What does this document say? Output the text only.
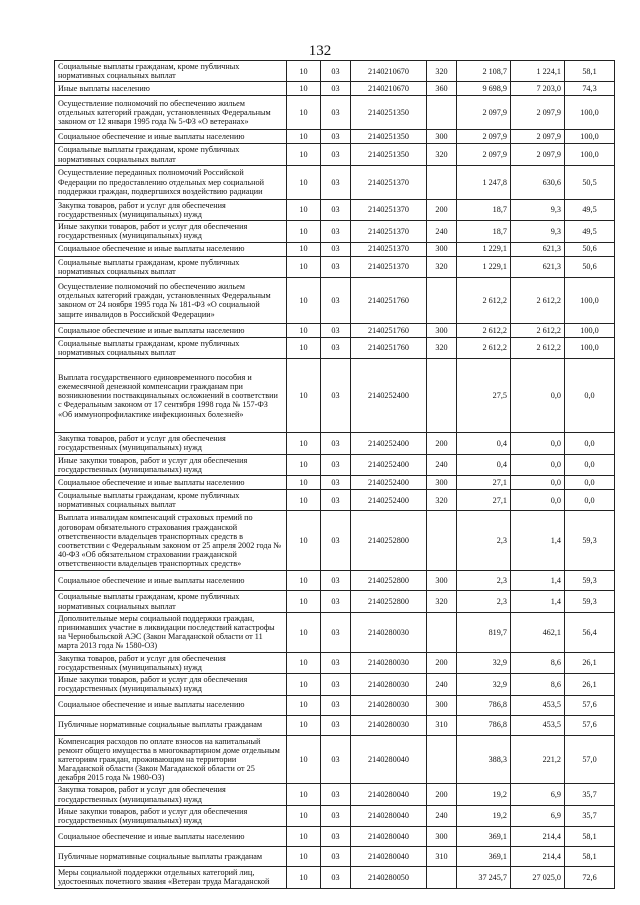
132
Социальные выплаты гражданам, кроме публичных нормативных социальных выплат	10	03	2140210670	320	2 108,7	1 224,1	58,1
Иные выплаты населению	10	03	2140210670	360	9 698,9	7 203,0	74,3
Осуществление полномочий по обеспечению жильем отдельных категорий граждан, установленных Федеральным законом от 12 января 1995 года № 5-ФЗ «О ветеранах»	10	03	2140251350		2 097,9	2 097,9	100,0
Социальное обеспечение и иные выплаты населению	10	03	2140251350	300	2 097,9	2 097,9	100,0
Социальные выплаты гражданам, кроме публичных нормативных социальных выплат	10	03	2140251350	320	2 097,9	2 097,9	100,0
Осуществление переданных полномочий Российской Федерации по предоставлению отдельных мер социальной поддержки граждан, подвергшихся воздействию радиации	10	03	2140251370		1 247,8	630,6	50,5
Закупка товаров, работ и услуг для обеспечения государственных (муниципальных) нужд	10	03	2140251370	200	18,7	9,3	49,5
Иные закупки товаров, работ и услуг для обеспечения государственных (муниципальных) нужд	10	03	2140251370	240	18,7	9,3	49,5
Социальное обеспечение и иные выплаты населению	10	03	2140251370	300	1 229,1	621,3	50,6
Социальные выплаты гражданам, кроме публичных нормативных социальных выплат	10	03	2140251370	320	1 229,1	621,3	50,6
Осуществление полномочий по обеспечению жильем отдельных категорий граждан, установленных Федеральным законом от 24 ноября 1995 года № 181-ФЗ «О социальной защите инвалидов в Российской Федерации»	10	03	2140251760		2 612,2	2 612,2	100,0
Социальное обеспечение и иные выплаты населению	10	03	2140251760	300	2 612,2	2 612,2	100,0
Социальные выплаты гражданам, кроме публичных нормативных социальных выплат	10	03	2140251760	320	2 612,2	2 612,2	100,0
Выплата государственного единовременного пособия и ежемесячной денежной компенсации гражданам при возникновении поствакцинальных осложнений в соответствии с Федеральным законом от 17 сентября 1998 года № 157-ФЗ «Об иммунопрофилактике инфекционных болезней»	10	03	2140252400		27,5	0,0	0,0
Закупка товаров, работ и услуг для обеспечения государственных (муниципальных) нужд	10	03	2140252400	200	0,4	0,0	0,0
Иные закупки товаров, работ и услуг для обеспечения государственных (муниципальных) нужд	10	03	2140252400	240	0,4	0,0	0,0
Социальное обеспечение и иные выплаты населению	10	03	2140252400	300	27,1	0,0	0,0
Социальные выплаты гражданам, кроме публичных нормативных социальных выплат	10	03	2140252400	320	27,1	0,0	0,0
Выплата инвалидам компенсаций страховых премий по договорам обязательного страхования гражданской ответственности владельцев транспортных средств в соответствии с Федеральным законом от 25 апреля 2002 года № 40-ФЗ «Об обязательном страховании гражданской ответственности владельцев транспортных средств»	10	03	2140252800		2,3	1,4	59,3
Социальное обеспечение и иные выплаты населению	10	03	2140252800	300	2,3	1,4	59,3
Социальные выплаты гражданам, кроме публичных нормативных социальных выплат	10	03	2140252800	320	2,3	1,4	59,3
Дополнительные меры социальной поддержки граждан, принимавших участие в ликвидации последствий катастрофы на Чернобыльской АЭС (Закон Магаданской области от 11 марта 2013 года № 1580-ОЗ)	10	03	2140280030		819,7	462,1	56,4
Закупка товаров, работ и услуг для обеспечения государственных (муниципальных) нужд	10	03	2140280030	200	32,9	8,6	26,1
Иные закупки товаров, работ и услуг для обеспечения государственных (муниципальных) нужд	10	03	2140280030	240	32,9	8,6	26,1
Социальное обеспечение и иные выплаты населению	10	03	2140280030	300	786,8	453,5	57,6
Публичные нормативные социальные выплаты гражданам	10	03	2140280030	310	786,8	453,5	57,6
Компенсация расходов по оплате взносов на капитальный ремонт общего имущества в многоквартирном доме отдельным категориям граждан, проживающим на территории Магаданской области (Закон Магаданской области от 25 декабря 2015 года № 1980-ОЗ)	10	03	2140280040		388,3	221,2	57,0
Закупка товаров, работ и услуг для обеспечения государственных (муниципальных) нужд	10	03	2140280040	200	19,2	6,9	35,7
Иные закупки товаров, работ и услуг для обеспечения государственных (муниципальных) нужд	10	03	2140280040	240	19,2	6,9	35,7
Социальное обеспечение и иные выплаты населению	10	03	2140280040	300	369,1	214,4	58,1
Публичные нормативные социальные выплаты гражданам	10	03	2140280040	310	369,1	214,4	58,1
Меры социальной поддержки отдельных категорий лиц, удостоенных почетного звания «Ветеран труда Магаданской	10	03	2140280050		37 245,7	27 025,0	72,6
